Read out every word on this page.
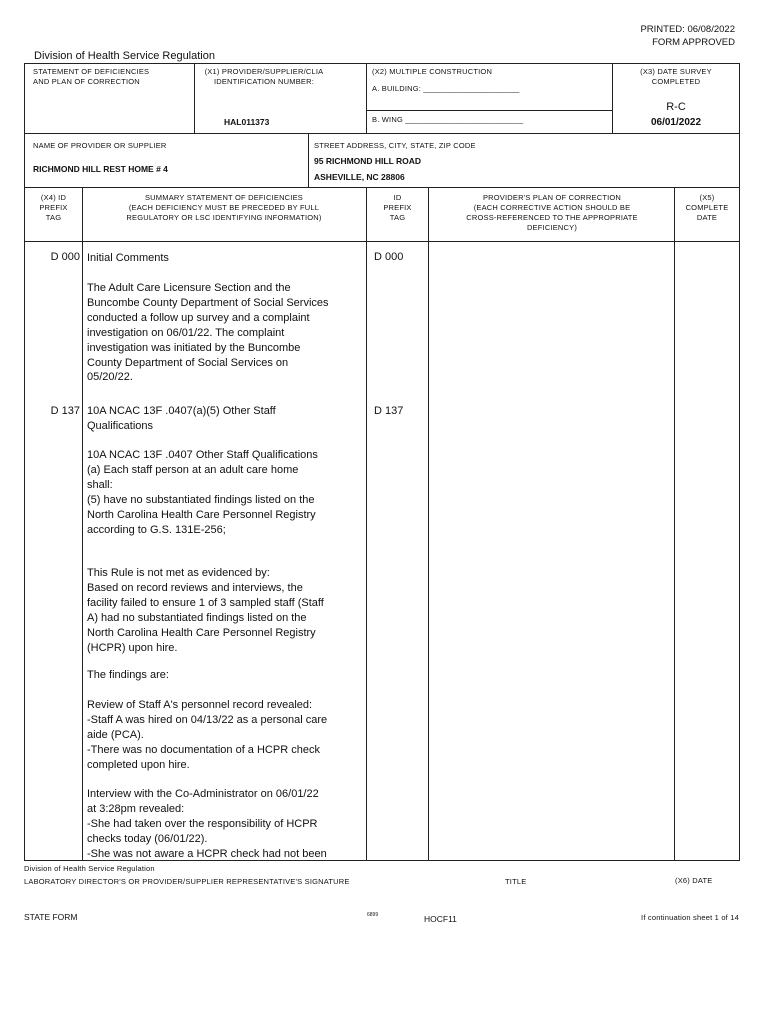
PRINTED: 06/08/2022
FORM APPROVED
Division of Health Service Regulation
STATEMENT OF DEFICIENCIES
AND PLAN OF CORRECTION
(X1) PROVIDER/SUPPLIER/CLIA
IDENTIFICATION NUMBER:
HAL011373
(X2) MULTIPLE CONSTRUCTION
A. BUILDING: ______________________
B. WING ___________________________
(X3) DATE SURVEY
COMPLETED
R-C
06/01/2022
NAME OF PROVIDER OR SUPPLIER
RICHMOND HILL REST HOME # 4
STREET ADDRESS, CITY, STATE, ZIP CODE
95 RICHMOND HILL ROAD
ASHEVILLE, NC 28806
(X4) ID
PREFIX
TAG
SUMMARY STATEMENT OF DEFICIENCIES
(EACH DEFICIENCY MUST BE PRECEDED BY FULL
REGULATORY OR LSC IDENTIFYING INFORMATION)
ID
PREFIX
TAG
PROVIDER'S PLAN OF CORRECTION
(EACH CORRECTIVE ACTION SHOULD BE
CROSS-REFERENCED TO THE APPROPRIATE
DEFICIENCY)
(X5)
COMPLETE
DATE
D 000	D 000
Initial Comments
The Adult Care Licensure Section and the
Buncombe County Department of Social Services
conducted a follow up survey and a complaint
investigation on 06/01/22. The complaint
investigation was initiated by the Buncombe
County Department of Social Services on
05/20/22.
D 137	D 137
10A NCAC 13F .0407(a)(5) Other Staff
Qualifications
10A NCAC 13F .0407 Other Staff Qualifications
(a) Each staff person at an adult care home
shall:
(5) have no substantiated findings listed on the
North Carolina Health Care Personnel Registry
according to G.S. 131E-256;
This Rule is not met as evidenced by:
Based on record reviews and interviews, the
facility failed to ensure 1 of 3 sampled staff (Staff
A) had no substantiated findings listed on the
North Carolina Health Care Personnel Registry
(HCPR) upon hire.
The findings are:
Review of Staff A's personnel record revealed:
-Staff A was hired on 04/13/22 as a personal care
aide (PCA).
-There was no documentation of a HCPR check
completed upon hire.
Interview with the Co-Administrator on 06/01/22
at 3:28pm revealed:
-She had taken over the responsibility of HCPR
checks today (06/01/22).
-She was not aware a HCPR check had not been
Division of Health Service Regulation
LABORATORY DIRECTOR'S OR PROVIDER/SUPPLIER REPRESENTATIVE'S SIGNATURE	TITLE	(X6) DATE
STATE FORM	6899	HOCF11	If continuation sheet 1 of 14
